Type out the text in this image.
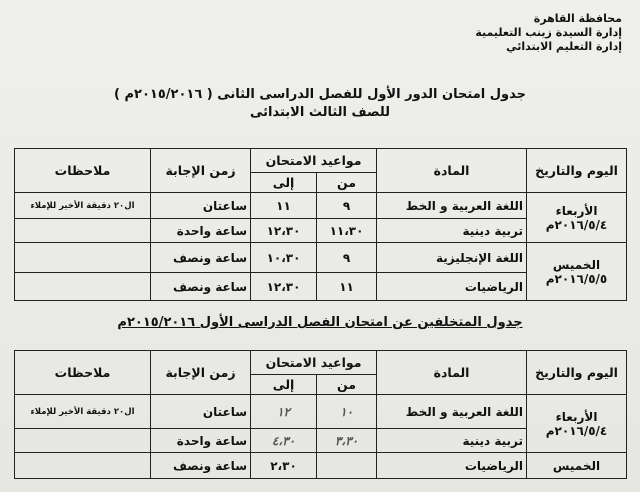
محافظة القاهرة
إدارة السيدة زينب التعليمية
إدارة التعليم الابتدائي
جدول امتحان الدور الأول للفصل الدراسى الثانى ( ٢٠١٥/٢٠١٦م )
للصف الثالث الابتدائى
اليوم والتاريخ	المادة	مواعيد الامتحان		زمن الإجابة	ملاحظات
		من	إلى		

الأربعاء
٢٠١٦/٥/٤م	اللغة العربية و الخط	٩	١١	ساعتان	ال٢٠ دقيقة الأخير للإملاء
	تربية دينية	١١،٣٠	١٢،٣٠	ساعة واحدة	

الخميس
٢٠١٦/٥/٥م	اللغة الإنجليزية	٩	١٠،٣٠	ساعة ونصف	
	الرياضيات	١١	١٢،٣٠	ساعة ونصف	
جدول المتخلفين عن امتحان الفصل الدراسى الأول ٢٠١٥/٢٠١٦م
اليوم والتاريخ	المادة	مواعيد الامتحان		زمن الإجابة	ملاحظات
		من	إلى		

الأربعاء
٢٠١٦/٥/٤م	اللغة العربية و الخط	١٠	١٢	ساعتان	ال٢٠ دقيقة الأخير للإملاء
	تربية دينية	٣،٣٠	٤،٣٠	ساعة واحدة	

الخميس	الرياضيات		٢،٣٠	ساعة ونصف	
